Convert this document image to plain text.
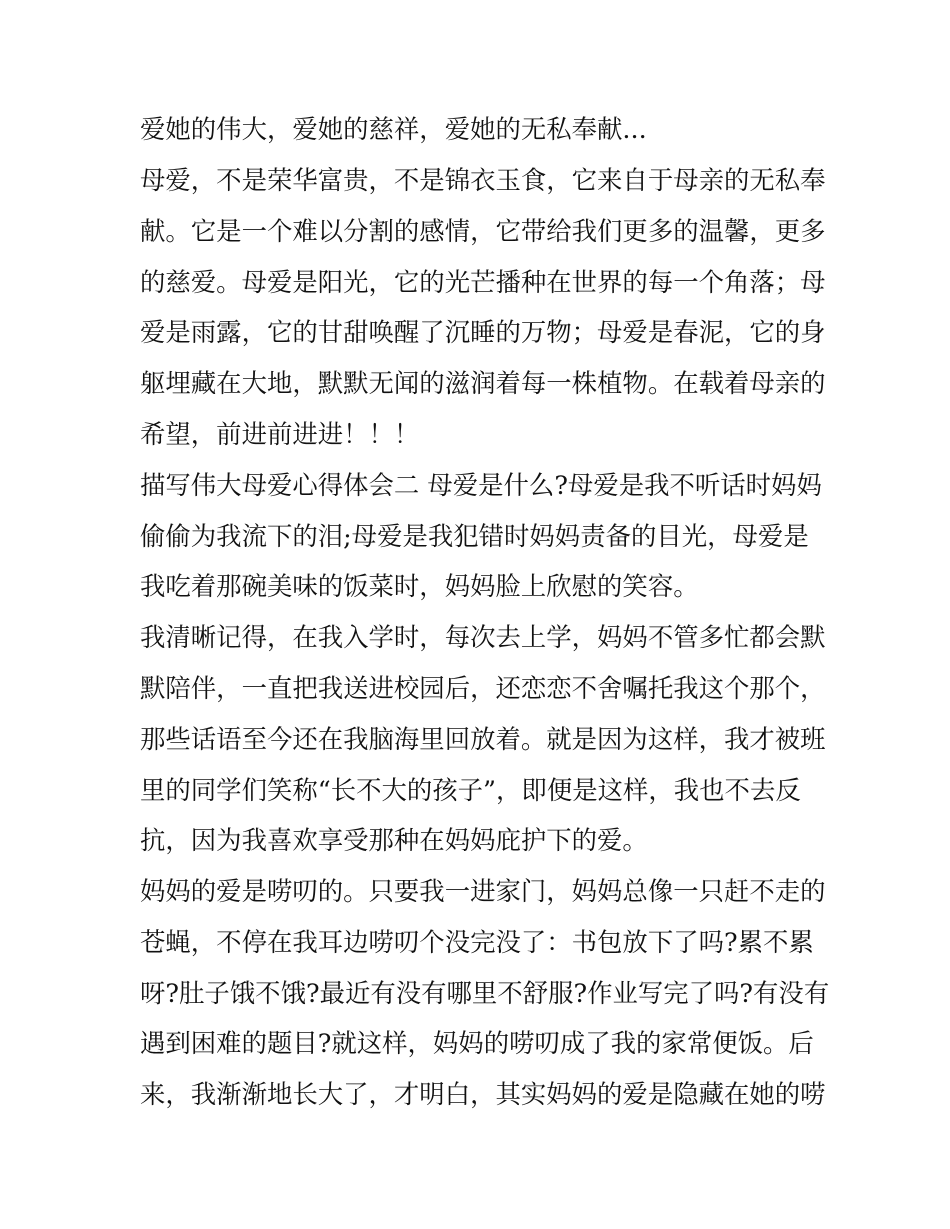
爱她的伟大，爱她的慈祥，爱她的无私奉献...

母爱，不是荣华富贵，不是锦衣玉食，它来自于母亲的无私奉

献。它是一个难以分割的感情，它带给我们更多的温馨，更多

的慈爱。母爱是阳光，它的光芒播种在世界的每一个角落；母

爱是雨露，它的甘甜唤醒了沉睡的万物；母爱是春泥，它的身

躯埋藏在大地，默默无闻的滋润着每一株植物。在载着母亲的

希望，前进前进进！！！

描写伟大母爱心得体会二 母爱是什么?母爱是我不听话时妈妈

偷偷为我流下的泪;母爱是我犯错时妈妈责备的目光，母爱是

我吃着那碗美味的饭菜时，妈妈脸上欣慰的笑容。

我清晰记得，在我入学时，每次去上学，妈妈不管多忙都会默

默陪伴，一直把我送进校园后，还恋恋不舍嘱托我这个那个，

那些话语至今还在我脑海里回放着。就是因为这样，我才被班

里的同学们笑称“长不大的孩子”，即便是这样，我也不去反

抗，因为我喜欢享受那种在妈妈庇护下的爱。

妈妈的爱是唠叨的。只要我一进家门，妈妈总像一只赶不走的

苍蝇，不停在我耳边唠叨个没完没了：书包放下了吗?累不累

呀?肚子饿不饿?最近有没有哪里不舒服?作业写完了吗?有没有

遇到困难的题目?就这样，妈妈的唠叨成了我的家常便饭。后

来，我渐渐地长大了，才明白，其实妈妈的爱是隐藏在她的唠
